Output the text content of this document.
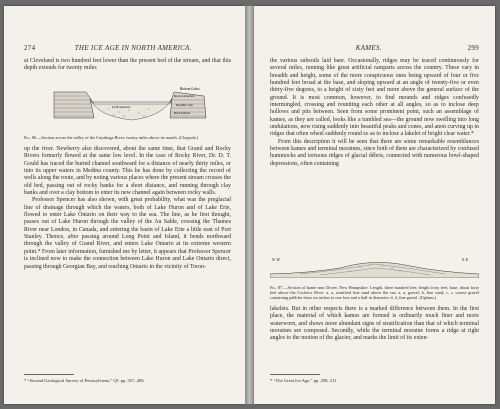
274	THE ICE AGE IN NORTH AMERICA.

at Cleveland is two hundred feet lower than the present bed of the stream, and that this depth extends for twenty miles

Bottom Lakes
Recent alluvium
Bowlder clay
Drift deposits
Rock bottom
Fig. 86.—Section across the valley of the Cuyahoga River, twenty miles above its mouth. (Claypole.)

up the river. Newberry also discovered, about the same time, that Grand and Rocky Rivers formerly flowed at the same low level. In the case of Rocky River, Dr. D. T. Gould has traced the buried channel southward for a distance of nearly thirty miles, or into its upper waters in Medina county. This he has done by collecting the record of wells along the route, and by noting various places where the present stream crosses the old bed, passing out of rocky banks for a short distance, and running through clay banks and over a clay bottom to enter its new channel again between rocky walls.

Professor Spencer has also shown, with great probability, what was the preglacial line of drainage through which the waters, both of Lake Huron and of Lake Erie, flowed to enter Lake Ontario on their way to the sea. The line, as he first thought, passes out of Lake Huron through the valley of the Au Sable, crossing the Thames River near London, in Canada, and entering the basin of Lake Erie a little east of Port Stanley. Thence, after passing around Long Point and Island, it bends northward through the valley of Grand River, and enters Lake Ontario at its extreme western point.* From later information, furnished me by letter, it appears that Professor Spencer is inclined now to make the connection between Lake Huron and Lake Ontario direct, passing through Georgian Bay, and reaching Ontario in the vicinity of Toron-

* “Second Geological Survey of Pennsylvania,” Q⁴, pp. 357–406.
KAMES.	299

the various subsoils laid bare. Occasionally, ridges may be traced continuously for several miles, running like great artificial ramparts across the country. These vary in breadth and height, some of the more conspicuous ones being upward of four or five hundred feet broad at the base, and sloping upward at an angle of twenty-five or even thirty-five degrees, to a height of sixty feet and more above the general surface of the ground. It is most common, however, to find mounds and ridges confusedly intermingled, crossing and reuniting each other at all angles, so as to inclose deep hollows and pits between. Seen from some prominent point, such an assemblage of kames, as they are called, looks like a tumbled sea—the ground now swelling into long undulations, now rising suddenly into beautiful peaks and cones, and anon curving up in ridges that often wheel suddenly round so as to inclose a lakelet of bright clear water.*

From this description it will be seen that there are some remarkable resemblances between kames and terminal moraines, since both of them are characterized by confused hummocks and tortuous ridges of glacial débris, connected with numerous bowl-shaped depressions, often containing

N. W.	S. E.
Fig. 87.—Section of kame near Dover, New Hampshire. Length, three hundred feet; height forty feet; base, about forty feet above the Cocheco River. a, a, stratified fine sand above the sea. a, a, gravel; b, fine sand; c, c, coarse gravel containing pebbles from six inches to one foot and a half in diameter; d, d, fine gravel. (Upham.)

lakelets. But in other respects there is a marked difference between them. In the first place, the material of which kames are formed is ordinarily much finer and more waterworn, and shows more abundant signs of stratification than that of which terminal moraines are composed. Secondly, while the terminal moraine forms a ridge at right angles to the motion of the glacier, and marks the limit of its exten-

* “The Great Ice Age,” pp. 208, 211.
